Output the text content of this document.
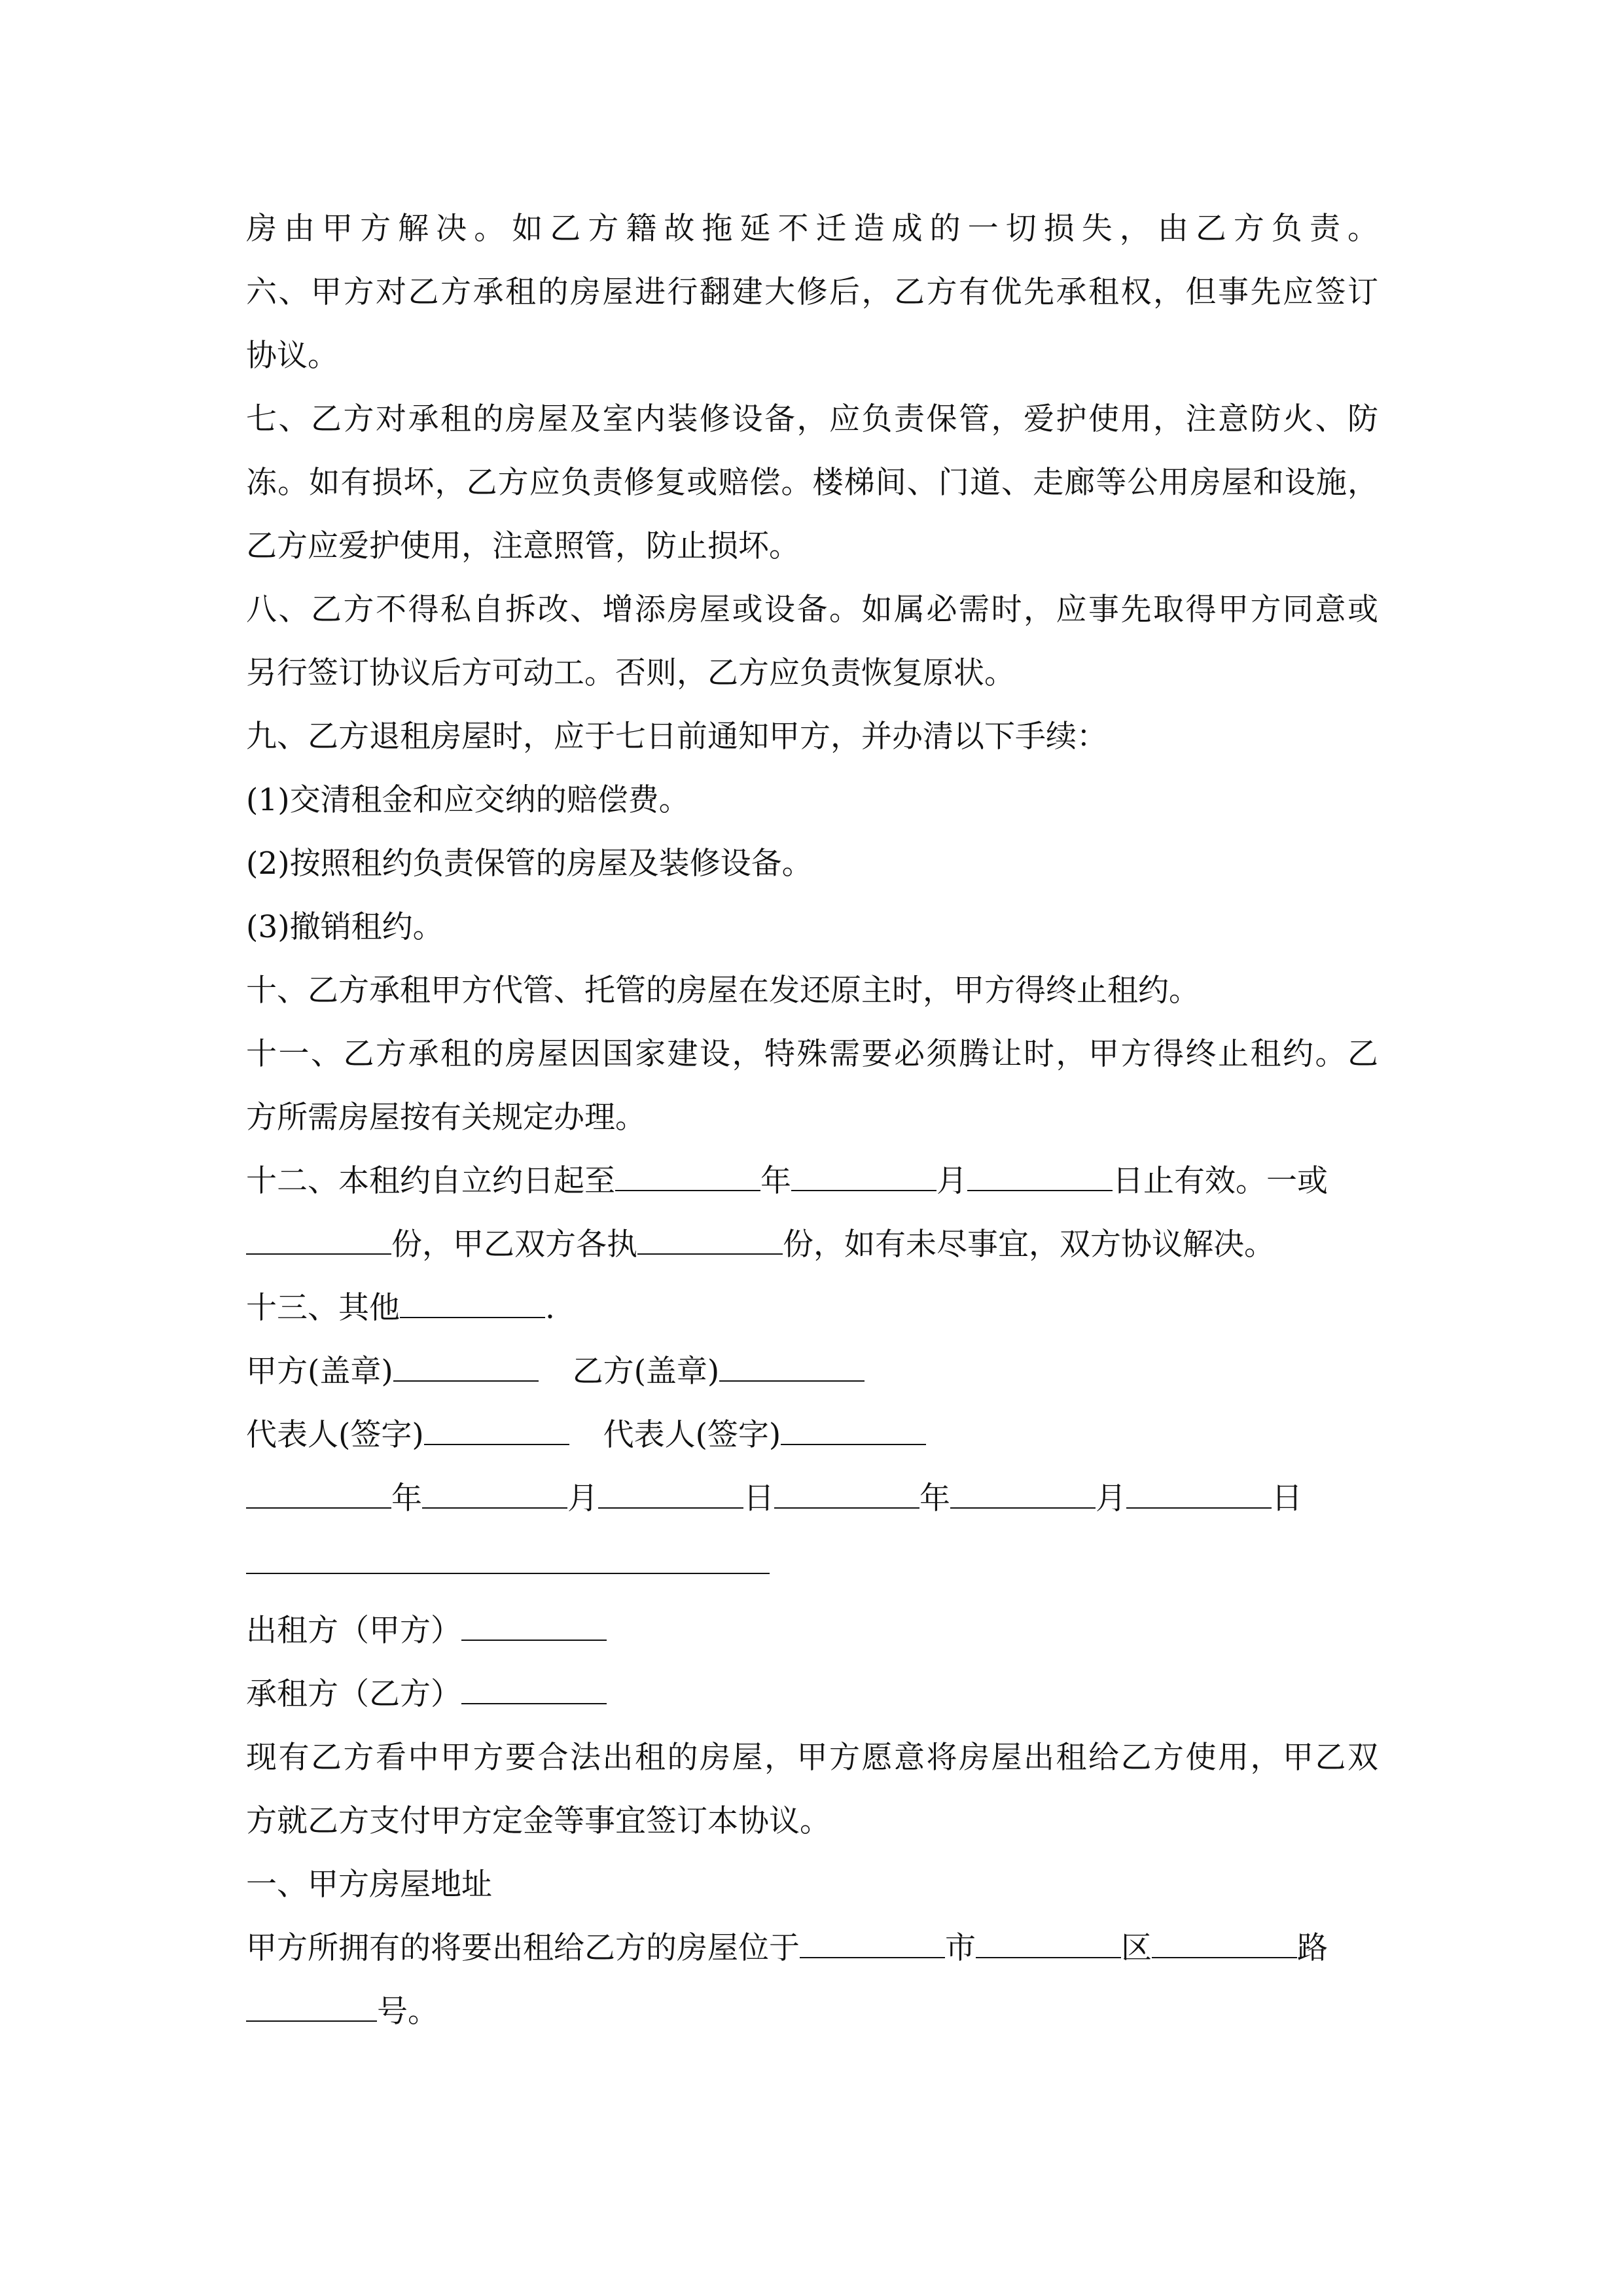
房由甲方解决。如乙方籍故拖延不迁造成的一切损失，由乙方负责。
六、甲方对乙方承租的房屋进行翻建大修后，乙方有优先承租权，但事先应签订
协议。
七、乙方对承租的房屋及室内装修设备，应负责保管，爱护使用，注意防火、防
冻。如有损坏，乙方应负责修复或赔偿。楼梯间、门道、走廊等公用房屋和设施，
乙方应爱护使用，注意照管，防止损坏。
八、乙方不得私自拆改、增添房屋或设备。如属必需时，应事先取得甲方同意或
另行签订协议后方可动工。否则，乙方应负责恢复原状。
九、乙方退租房屋时，应于七日前通知甲方，并办清以下手续：
(1)交清租金和应交纳的赔偿费。
(2)按照租约负责保管的房屋及装修设备。
(3)撤销租约。
十、乙方承租甲方代管、托管的房屋在发还原主时，甲方得终止租约。
十一、乙方承租的房屋因国家建设，特殊需要必须腾让时，甲方得终止租约。乙
方所需房屋按有关规定办理。
十二、本租约自立约日起至	年	月	日止有效。一或
份，甲乙双方各执	份，如有未尽事宜，双方协议解决。
十三、其他	.
甲方(盖章)	乙方(盖章)
代表人(签字)	代表人(签字)
年	月	日	年	月	日
出租方（甲方）
承租方（乙方）
现有乙方看中甲方要合法出租的房屋，甲方愿意将房屋出租给乙方使用，甲乙双
方就乙方支付甲方定金等事宜签订本协议。
一、甲方房屋地址
甲方所拥有的将要出租给乙方的房屋位于	市	区	路
号。
